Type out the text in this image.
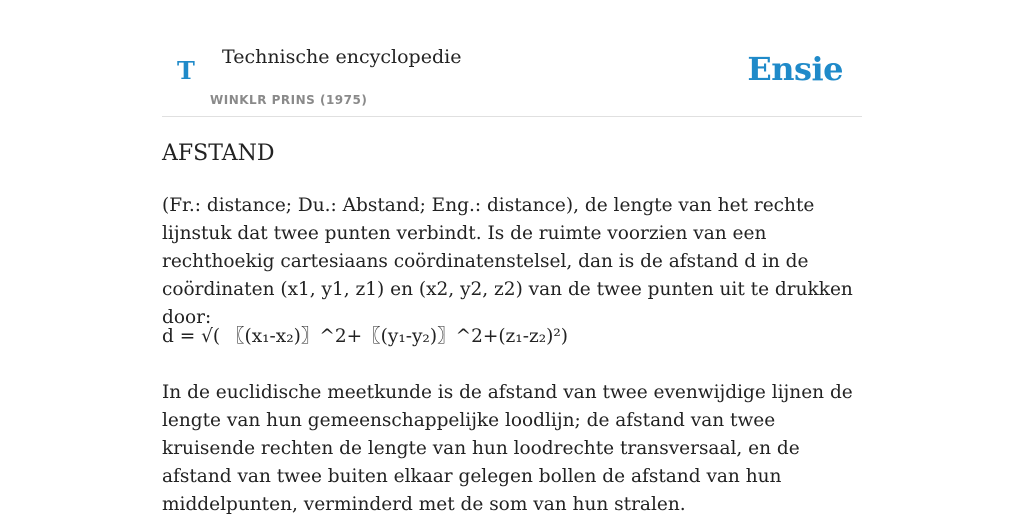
T Technische encyclopedie
WINKLR PRINS (1975)
Ensie
AFSTAND

(Fr.: distance; Du.: Abstand; Eng.: distance), de lengte van het rechte lijnstuk dat twee punten verbindt. Is de ruimte voorzien van een rechthoekig cartesiaans coördinatenstelsel, dan is de afstand d in de coördinaten (x1, y1, z1) en (x2, y2, z2) van de twee punten uit te drukken door:

d = √( 〖(x₁-x₂)〗^2+〖(y₁-y₂)〗^2+(z₁-z₂)²)

In de euclidische meetkunde is de afstand van twee evenwijdige lijnen de lengte van hun gemeenschappelijke loodlijn; de afstand van twee kruisende rechten de lengte van hun loodrechte transversaal, en de afstand van twee buiten elkaar gelegen bollen de afstand van hun middelpunten, verminderd met de som van hun stralen.
